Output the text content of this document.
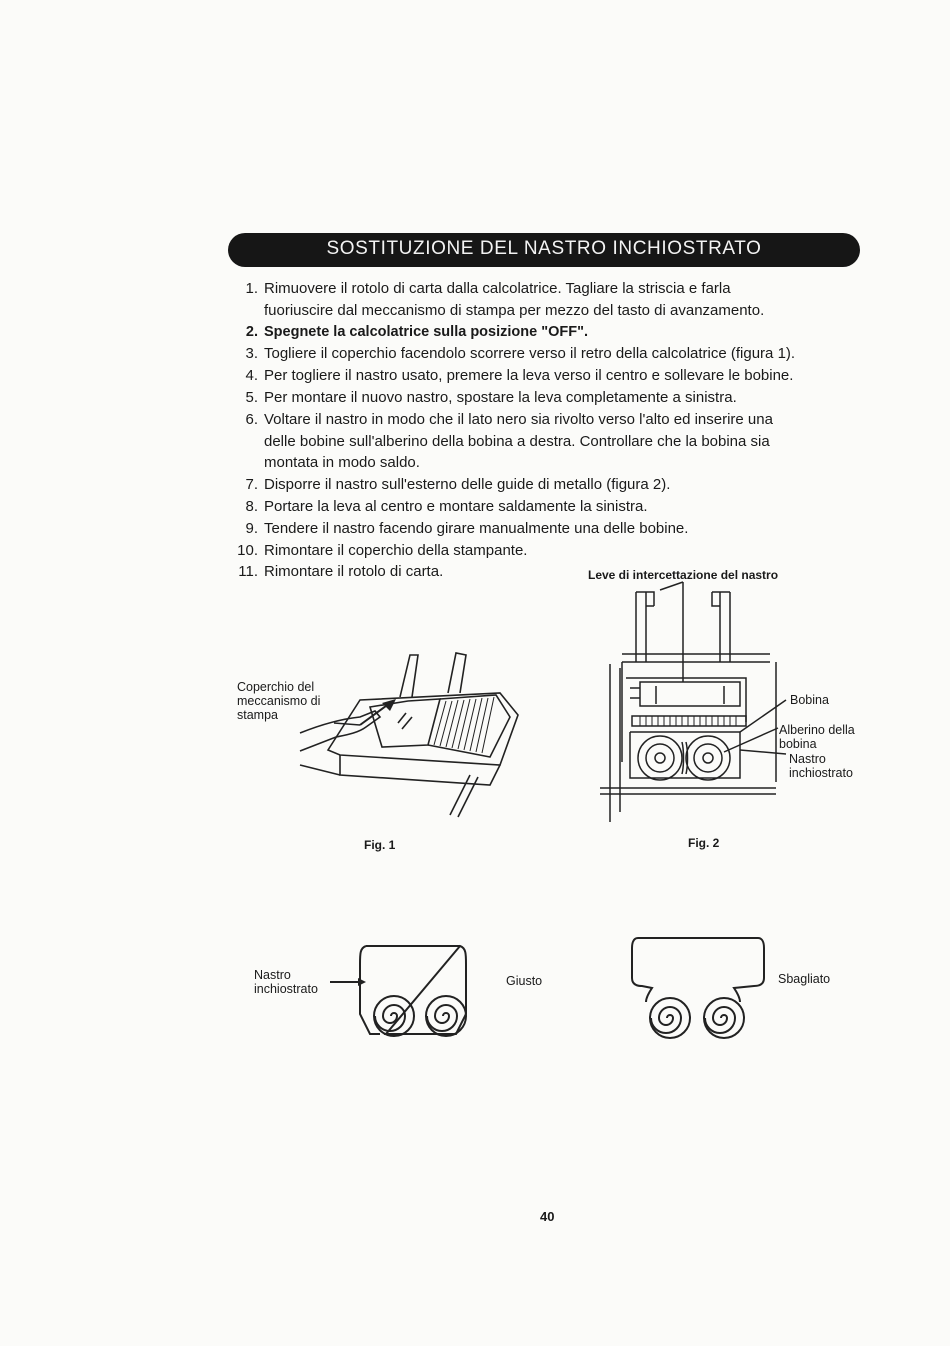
SOSTITUZIONE DEL NASTRO INCHIOSTRATO
1. Rimuovere il rotolo di carta dalla calcolatrice. Tagliare la striscia e farla
fuoriuscire dal meccanismo di stampa per mezzo del tasto di avanzamento.
2. Spegnete la calcolatrice sulla posizione "OFF".
3. Togliere il coperchio facendolo scorrere verso il retro della calcolatrice (figura 1).
4. Per togliere il nastro usato, premere la leva verso il centro e sollevare le bobine.
5. Per montare il nuovo nastro, spostare la leva completamente a sinistra.
6. Voltare il nastro in modo che il lato nero sia rivolto verso l'alto ed inserire una
delle bobine sull'alberino della bobina a destra. Controllare che la bobina sia
montata in modo saldo.
7. Disporre il nastro sull'esterno delle guide di metallo (figura 2).
8. Portare la leva al centro e montare saldamente la sinistra.
9. Tendere il nastro facendo girare manualmente una delle bobine.
10. Rimontare il coperchio della stampante.
11. Rimontare il rotolo di carta.
Coperchio del
meccanismo di
stampa
Fig. 1
Leve di intercettazione del nastro
Bobina
Alberino della
bobina
Nastro
inchiostrato
Fig. 2
Nastro
inchiostrato
Giusto	Sbagliato
40
